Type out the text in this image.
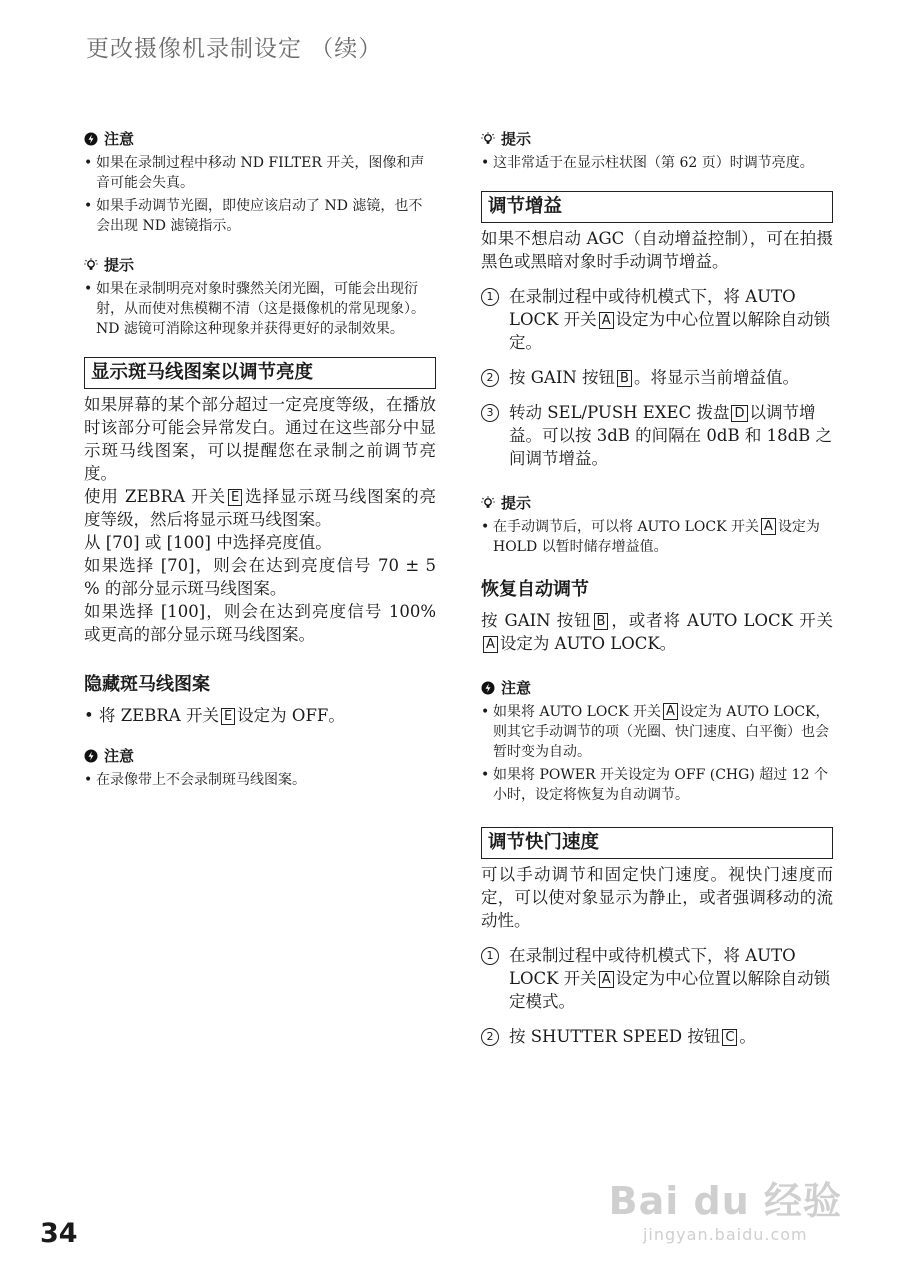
更改摄像机录制设定 （续）
注意
• 如果在录制过程中移动 ND FILTER 开关，图像和声音可能会失真。
• 如果手动调节光圈，即使应该启动了 ND 滤镜，也不会出现 ND 滤镜指示。
提示
• 如果在录制明亮对象时骤然关闭光圈，可能会出现衍射，从而使对焦模糊不清（这是摄像机的常见现象）。ND 滤镜可消除这种现象并获得更好的录制效果。
显示斑马线图案以调节亮度

如果屏幕的某个部分超过一定亮度等级，在播放时该部分可能会异常发白。通过在这些部分中显示斑马线图案，可以提醒您在录制之前调节亮度。

使用 ZEBRA 开关 E 选择显示斑马线图案的亮度等级，然后将显示斑马线图案。

从 [70] 或 [100] 中选择亮度值。

如果选择 [70]，则会在达到亮度信号 70 ± 5 % 的部分显示斑马线图案。

如果选择 [100]，则会在达到亮度信号 100% 或更高的部分显示斑马线图案。

隐藏斑马线图案

• 将 ZEBRA 开关 E 设定为 OFF。

注意
• 在录像带上不会录制斑马线图案。
提示
• 这非常适于在显示柱状图（第 62 页）时调节亮度。
调节增益

如果不想启动 AGC（自动增益控制），可在拍摄黑色或黑暗对象时手动调节增益。

1 在录制过程中或待机模式下，将 AUTO LOCK 开关 A 设定为中心位置以解除自动锁定。
2 按 GAIN 按钮 B 。将显示当前增益值。
3 转动 SEL/PUSH EXEC 拨盘 D 以调节增益。可以按 3dB 的间隔在 0dB 和 18dB 之间调节增益。
提示
• 在手动调节后，可以将 AUTO LOCK 开关 A 设定为 HOLD 以暂时储存增益值。
恢复自动调节

按 GAIN 按钮 B ，或者将 AUTO LOCK 开关A 设定为 AUTO LOCK。

注意
• 如果将 AUTO LOCK 开关 A 设定为 AUTO LOCK，则其它手动调节的项（光圈、快门速度、白平衡）也会暂时变为自动。
• 如果将 POWER 开关设定为 OFF (CHG) 超过 12 个小时，设定将恢复为自动调节。
调节快门速度

可以手动调节和固定快门速度。视快门速度而定，可以使对象显示为静止，或者强调移动的流动性。

1 在录制过程中或待机模式下，将 AUTO LOCK 开关 A 设定为中心位置以解除自动锁定模式。
2 按 SHUTTER SPEED 按钮 C 。
34
Bai du 经验
jingyan.baidu.com
